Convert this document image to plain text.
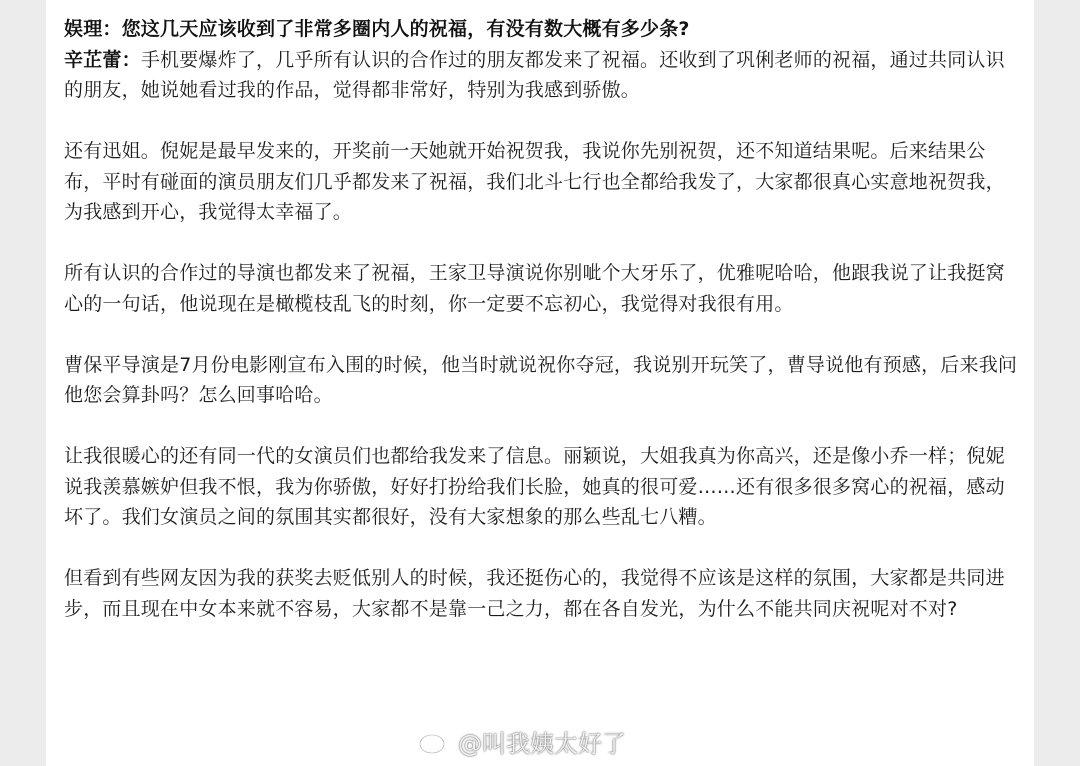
娱理：您这几天应该收到了非常多圈内人的祝福，有没有数大概有多少条?

辛芷蕾：手机要爆炸了，几乎所有认识的合作过的朋友都发来了祝福。还收到了巩俐老师的祝福，通过共同认识的朋友，她说她看过我的作品，觉得都非常好，特别为我感到骄傲。

还有迅姐。倪妮是最早发来的，开奖前一天她就开始祝贺我，我说你先别祝贺，还不知道结果呢。后来结果公布，平时有碰面的演员朋友们几乎都发来了祝福，我们北斗七行也全都给我发了，大家都很真心实意地祝贺我，为我感到开心，我觉得太幸福了。

所有认识的合作过的导演也都发来了祝福，王家卫导演说你别呲个大牙乐了，优雅呢哈哈，他跟我说了让我挺窝心的一句话，他说现在是橄榄枝乱飞的时刻，你一定要不忘初心，我觉得对我很有用。

曹保平导演是7月份电影刚宣布入围的时候，他当时就说祝你夺冠，我说别开玩笑了，曹导说他有预感，后来我问他您会算卦吗？怎么回事哈哈。

让我很暖心的还有同一代的女演员们也都给我发来了信息。丽颖说，大姐我真为你高兴，还是像小乔一样；倪妮说我羡慕嫉妒但我不恨，我为你骄傲，好好打扮给我们长脸，她真的很可爱……还有很多很多窝心的祝福，感动坏了。我们女演员之间的氛围其实都很好，没有大家想象的那么些乱七八糟。

但看到有些网友因为我的获奖去贬低别人的时候，我还挺伤心的，我觉得不应该是这样的氛围，大家都是共同进步，而且现在中女本来就不容易，大家都不是靠一己之力，都在各自发光，为什么不能共同庆祝呢对不对?

@叫我姨太好了
